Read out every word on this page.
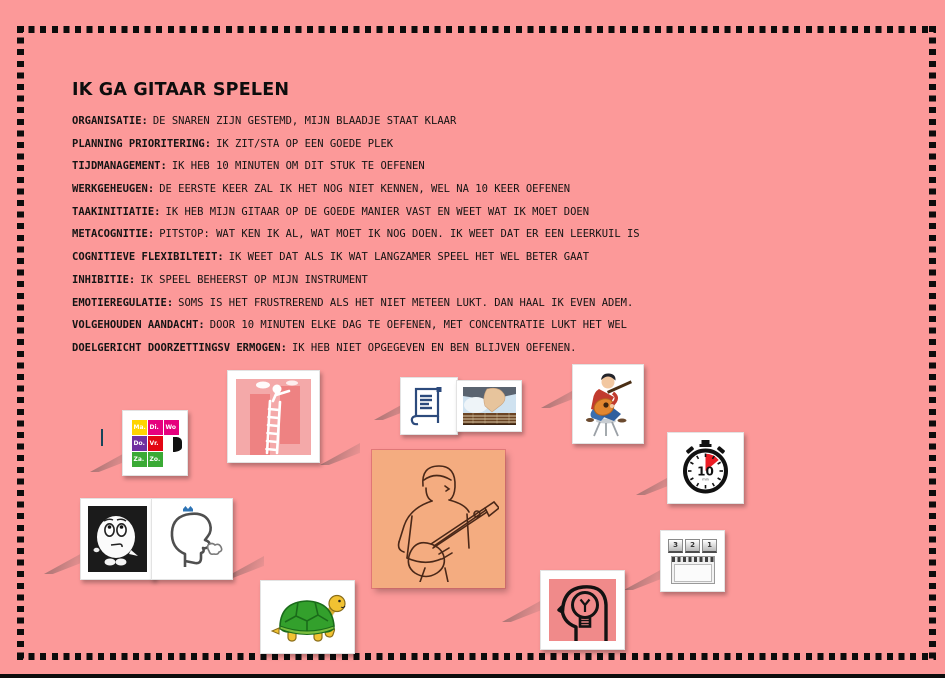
IK GA GITAAR SPELEN
ORGANISATIE: DE SNAREN ZIJN GESTEMD, MIJN BLAADJE STAAT KLAAR
PLANNING PRIORITERING: IK ZIT/STA OP EEN GOEDE PLEK
TIJDMANAGEMENT: IK HEB 10 MINUTEN OM DIT STUK TE OEFENEN
WERKGEHEUGEN: DE EERSTE KEER ZAL IK HET NOG NIET KENNEN, WEL NA 10 KEER OEFENEN
TAAKINITIATIE: IK HEB MIJN GITAAR OP DE GOEDE MANIER VAST EN WEET WAT IK MOET DOEN
METACOGNITIE: PITSTOP: WAT KEN IK AL, WAT MOET IK NOG DOEN. IK WEET DAT ER EEN LEERKUIL IS
COGNITIEVE FLEXIBILTEIT: IK WEET DAT ALS IK WAT LANGZAMER SPEEL HET WEL BETER GAAT
INHIBITIE: IK SPEEL BEHEERST OP MIJN INSTRUMENT
EMOTIEREGULATIE: SOMS IS HET FRUSTREREND ALS HET NIET METEEN LUKT. DAN HAAL IK EVEN ADEM.
VOLGEHOUDEN AANDACHT: DOOR 10 MINUTEN ELKE DAG TE OEFENEN, MET CONCENTRATIE LUKT HET WEL
DOELGERICHT DOORZETTINGSV ERMOGEN: IK HEB NIET OPGEGEVEN EN BEN BLIJVEN OEFENEN.
Ma. Di.	Wo
Do. Vr.
Za. Zo.
10
min
3	2	1
